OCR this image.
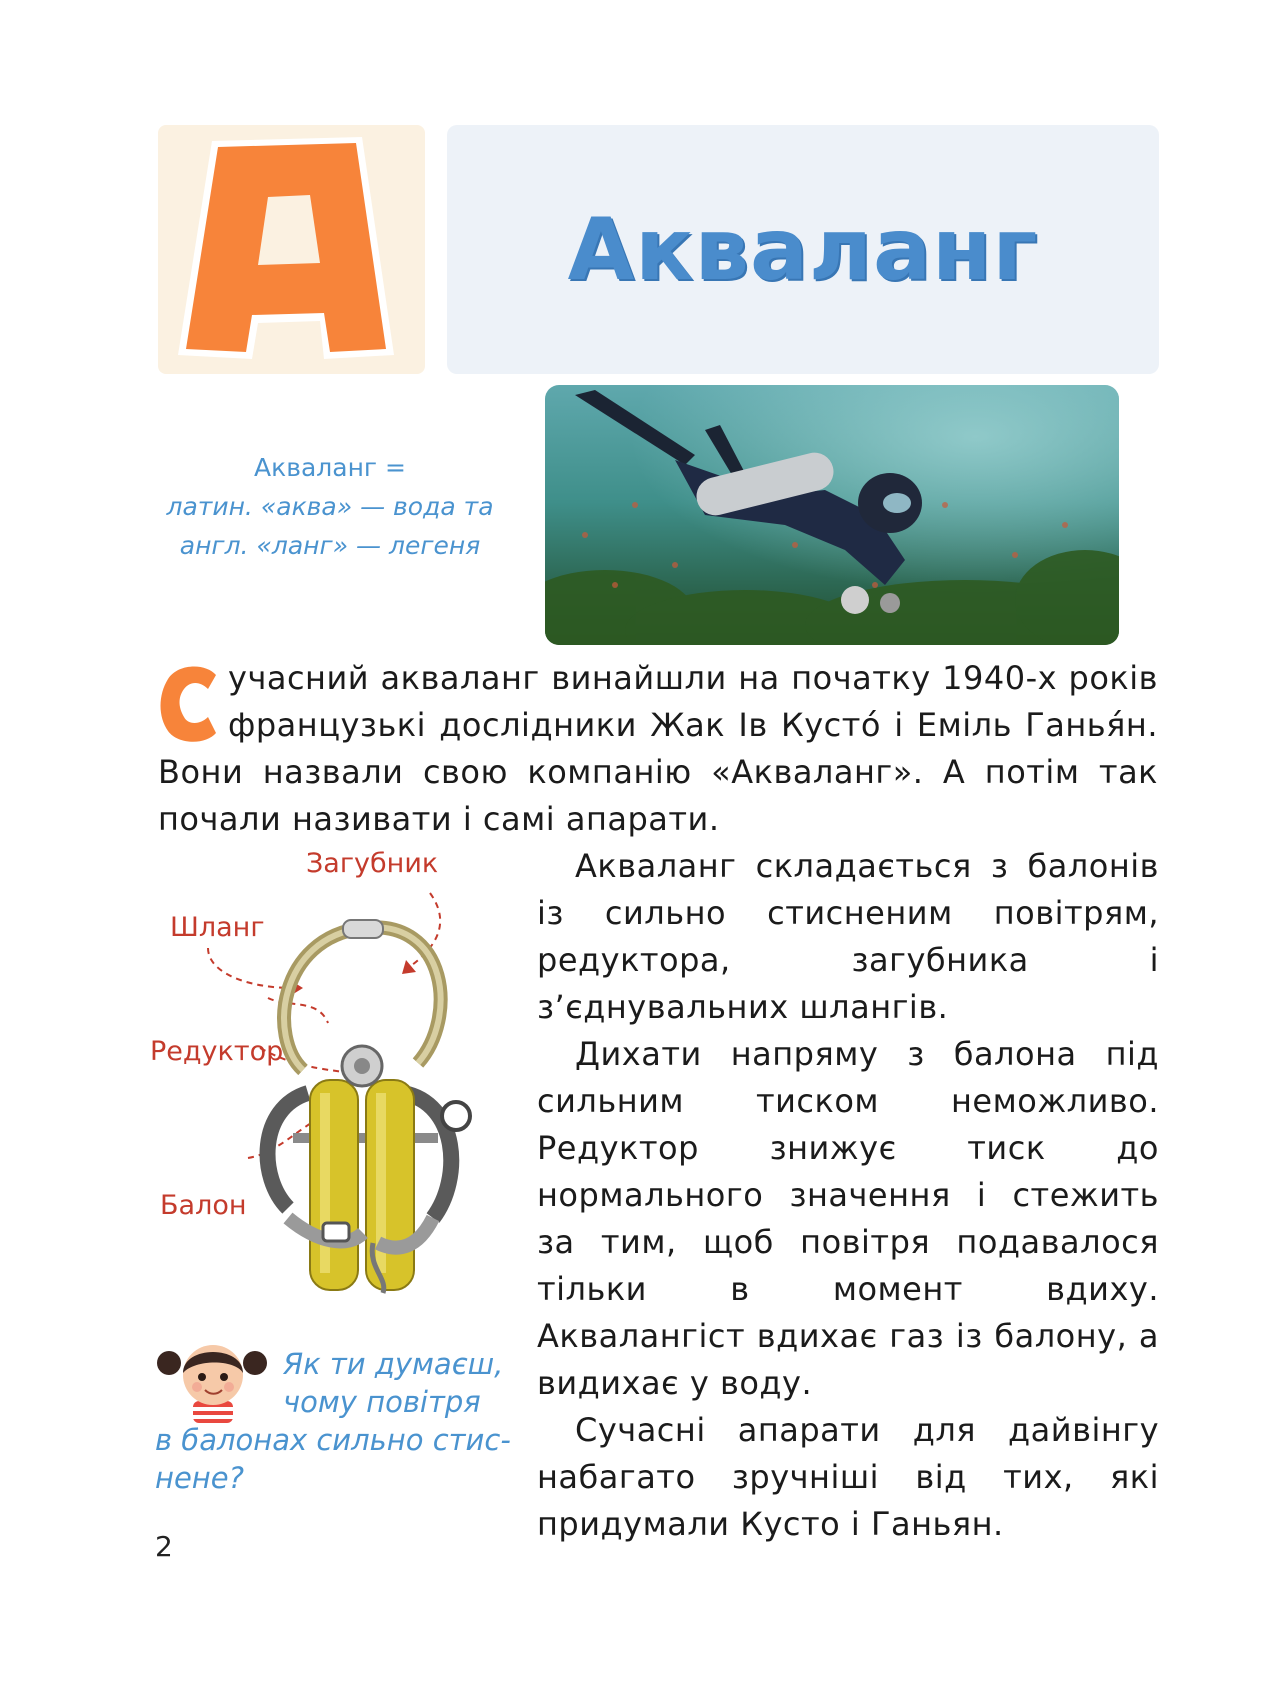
Акваланг
Акваланг =
латин. «аква» — вода та
англ. «ланг» — легеня
учасний акваланг винайшли на початку 1940-х років французькі дослідники Жак Ів Кусто́ і Еміль Ганья́н. Вони назвали свою компанію «Акваланг». А потім так почали називати і самі апарати.
Загубник
Шланг
Редуктор
Балон

Акваланг складається з балонів із сильно стисненим повітрям, редуктора, загубника і з’єднувальних шлангів.

Дихати напряму з балона під сильним тиском неможливо. Редуктор знижує тиск до нормального значення і стежить за тим, щоб повітря подавалося тільки в момент вдиху. Аквалангіст вдихає газ із балону, а видихає у воду.

Сучасні апарати для дайвінгу набагато зручніші від тих, які придумали Кусто і Ганьян.

Як ти думаєш,
чому повітря
в балонах сильно стис-
нене?
2
